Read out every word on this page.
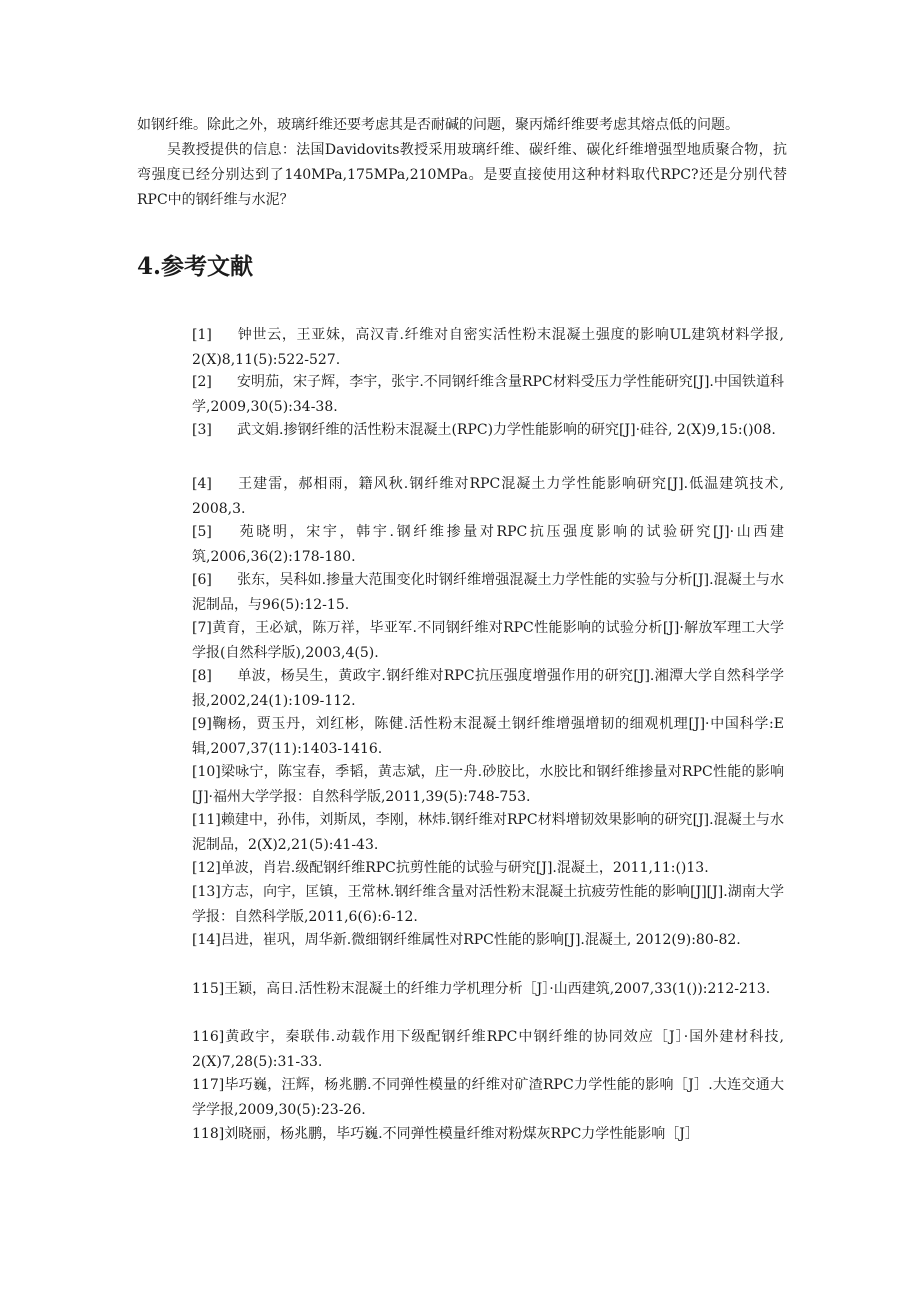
如钢纤维。除此之外，玻璃纤维还要考虑其是否耐碱的问题，聚丙烯纤维要考虑其熔点低的问题。

吴教授提供的信息：法国Davidovits教授采用玻璃纤维、碳纤维、碳化纤维增强型地质聚合物，抗弯强度已经分别达到了140MPa,175MPa,210MPa。是要直接使用这种材料取代RPC?还是分别代替RPC中的钢纤维与水泥？

4.参考文献

[1] 钟世云，王亚妹，高汉青.纤维对自密实活性粉末混凝土强度的影响UL建筑材料学报, 2(X)8,11(5):522-527.

[2] 安明茄，宋子辉，李宇，张宇.不同钢纤维含量RPC材料受压力学性能研究[J].中国铁道科学,2009,30(5):34-38.

[3] 武文娟.掺钢纤维的活性粉末混凝土(RPC)力学性能影响的研究[J]·硅谷, 2(X)9,15:()08.

[4] 王建雷，郝相雨，籍风秋.钢纤维对RPC混凝土力学性能影响研究[J].低温建筑技术, 2008,3.

[5] 苑晓明，宋宇，韩宇.钢纤维掺量对RPC抗压强度影响的试验研究[J]·山西建筑,2006,36(2):178-180.

[6] 张东，吴科如.掺量大范围变化时钢纤维增强混凝土力学性能的实验与分析[J].混凝土与水泥制品，与96(5):12-15.

[7]黄育，王必斌，陈万祥，毕亚军.不同钢纤维对RPC性能影响的试验分析[J]·解放军理工大学学报(自然科学版),2003,4(5).

[8] 单波，杨吴生，黄政宇.钢纤维对RPC抗压强度增强作用的研究[J].湘潭大学自然科学学报,2002,24(1):109-112.

[9]鞠杨，贾玉丹，刘红彬，陈健.活性粉末混凝土钢纤维增强增韧的细观机理[J]·中国科学:E辑,2007,37(11):1403-1416.

[10]梁咏宁，陈宝春，季韬，黄志斌，庄一舟.砂胶比，水胶比和钢纤维掺量对RPC性能的影响[J]·福州大学学报：自然科学版,2011,39(5):748-753.

[11]赖建中，孙伟，刘斯凤，李刚，林炜.钢纤维对RPC材料增韧效果影响的研究[J].混凝土与水泥制品，2(X)2,21(5):41-43.

[12]单波，肖岩.级配钢纤维RPC抗剪性能的试验与研究[J].混凝土，2011,11:()13.

[13]方志，向宇，匡镇，王常林.钢纤维含量对活性粉末混凝土抗疲劳性能的影响[J][J].湖南大学学报：自然科学版,2011,6(6):6-12.

[14]吕进，崔巩，周华新.微细钢纤维属性对RPC性能的影响[J].混凝土, 2012(9):80-82.

115]王颖，高日.活性粉末混凝土的纤维力学机理分析［J］·山西建筑,2007,33(1()):212-213.

116]黄政宇，秦联伟.动载作用下级配钢纤维RPC中钢纤维的协同效应［J］·国外建材科技, 2(X)7,28(5):31-33.

117]毕巧巍，汪辉，杨兆鹏.不同弹性模量的纤维对矿渣RPC力学性能的影响［J］.大连交通大学学报,2009,30(5):23-26.

118]刘晓丽，杨兆鹏，毕巧巍.不同弹性模量纤维对粉煤灰RPC力学性能影响［J］
